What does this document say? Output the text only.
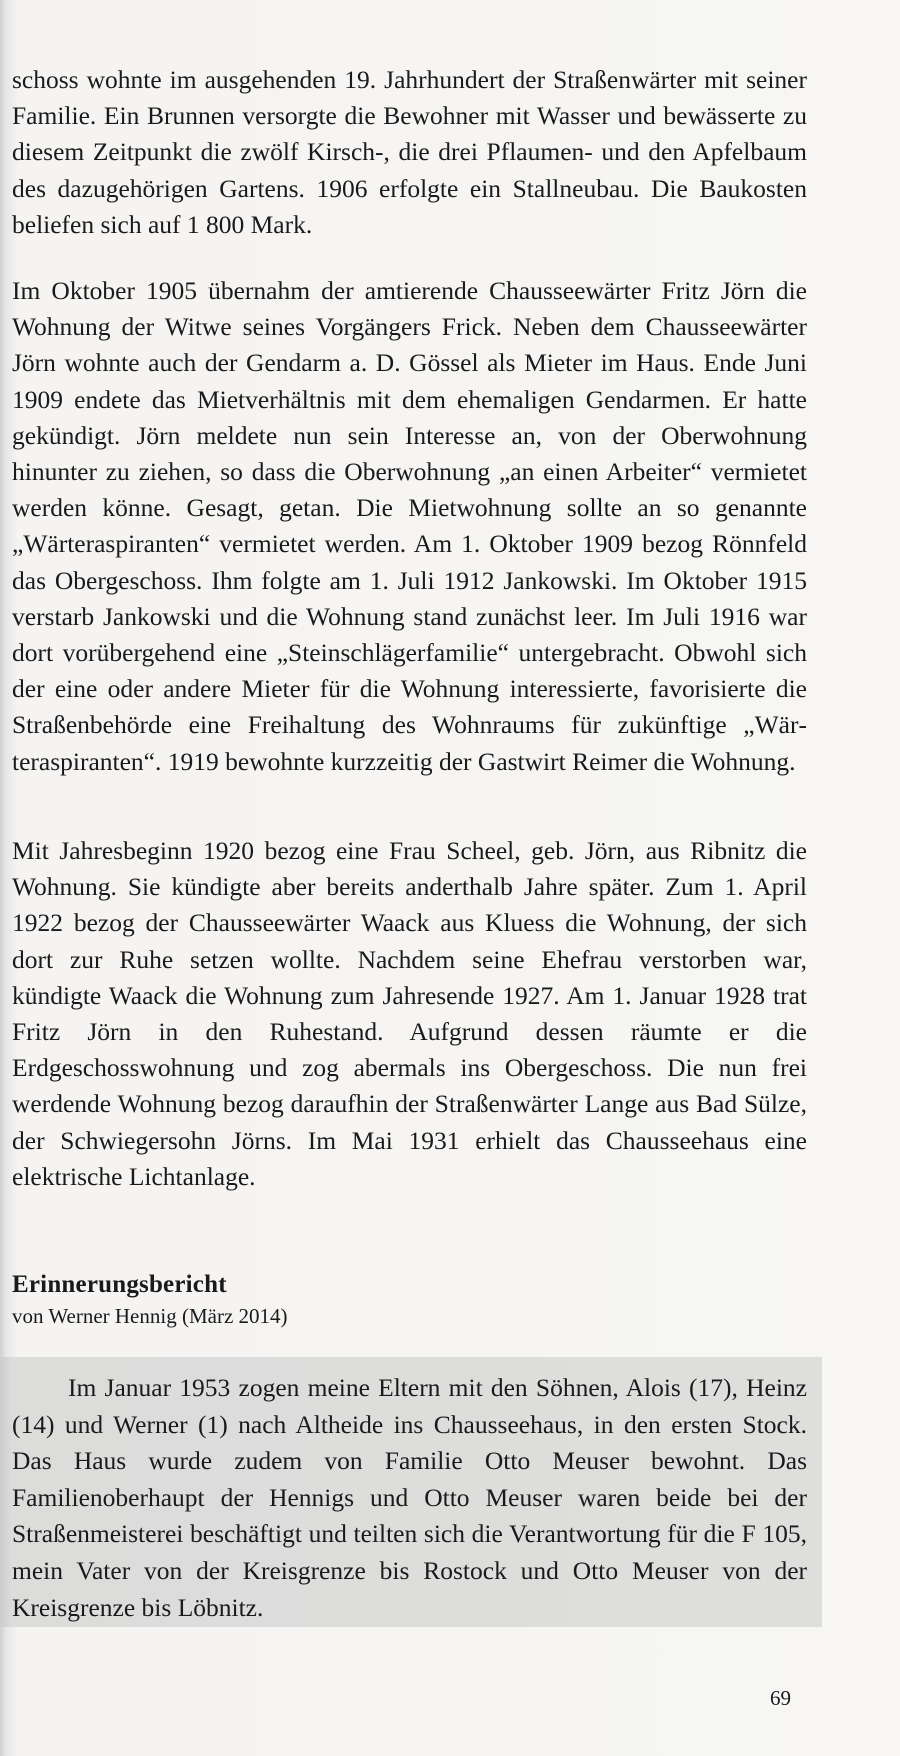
schoss wohnte im ausgehenden 19. Jahrhundert der Straßenwärter mit seiner Familie. Ein Brunnen versorgte die Bewohner mit Wasser und bewässerte zu diesem Zeitpunkt die zwölf Kirsch-, die drei Pflaumen- und den Apfelbaum des dazugehörigen Gartens. 1906 erfolgte ein Stallneubau. Die Baukosten beliefen sich auf 1 800 Mark.

Im Oktober 1905 übernahm der amtierende Chausseewärter Fritz Jörn die Wohnung der Witwe seines Vorgängers Frick. Neben dem Chausseewärter Jörn wohnte auch der Gendarm a. D. Gössel als Mieter im Haus. Ende Juni 1909 endete das Mietverhältnis mit dem ehemaligen Gendarmen. Er hatte gekündigt. Jörn meldete nun sein Interesse an, von der Oberwohnung hinunter zu ziehen, so dass die Oberwohnung „an einen Arbeiter“ vermietet werden könne. Gesagt, getan. Die Mietwohnung sollte an so genannte „Wärteraspiranten“ vermietet werden. Am 1. Oktober 1909 bezog Rönnfeld das Obergeschoss. Ihm folgte am 1. Juli 1912 Jankowski. Im Oktober 1915 verstarb Jankowski und die Wohnung stand zunächst leer. Im Juli 1916 war dort vorübergehend eine „Steinschlägerfamilie“ untergebracht. Obwohl sich der eine oder andere Mieter für die Wohnung interessierte, favorisierte die Straßenbehörde eine Freihaltung des Wohnraums für zukünftige „Wärteraspiranten“. 1919 bewohnte kurzzeitig der Gastwirt Reimer die Wohnung.

Mit Jahresbeginn 1920 bezog eine Frau Scheel, geb. Jörn, aus Ribnitz die Wohnung. Sie kündigte aber bereits anderthalb Jahre später. Zum 1. April 1922 bezog der Chausseewärter Waack aus Kluess die Wohnung, der sich dort zur Ruhe setzen wollte. Nachdem seine Ehefrau verstorben war, kündigte Waack die Wohnung zum Jahresende 1927. Am 1. Januar 1928 trat Fritz Jörn in den Ruhestand. Aufgrund dessen räumte er die Erdgeschosswohnung und zog abermals ins Obergeschoss. Die nun frei werdende Wohnung bezog daraufhin der Straßenwärter Lange aus Bad Sülze, der Schwiegersohn Jörns. Im Mai 1931 erhielt das Chausseehaus eine elektrische Lichtanlage.

Erinnerungsbericht
von Werner Hennig (März 2014)

Im Januar 1953 zogen meine Eltern mit den Söhnen, Alois (17), Heinz (14) und Werner (1) nach Altheide ins Chausseehaus, in den ersten Stock. Das Haus wurde zudem von Familie Otto Meuser bewohnt. Das Familienoberhaupt der Hennigs und Otto Meuser waren beide bei der Straßenmeisterei beschäftigt und teilten sich die Verantwortung für die F 105, mein Vater von der Kreisgrenze bis Rostock und Otto Meuser von der Kreisgrenze bis Löbnitz.

69
